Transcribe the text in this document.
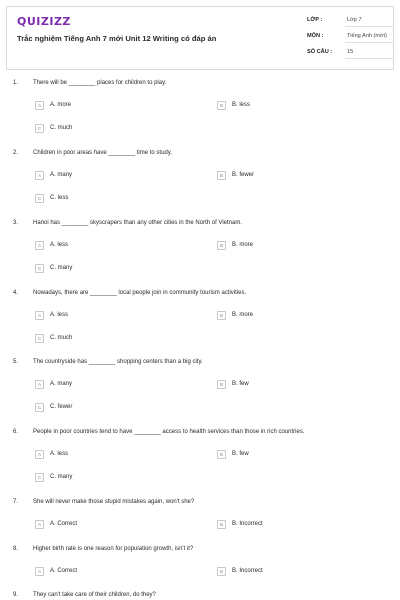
QUIZIZZ
Trắc nghiệm Tiếng Anh 7 mới Unit 12 Writing có đáp án
LỚP :	Lớp 7
MÔN :	Tiếng Anh (mới)
SỐ CÂU :	15
1. There will be ________ places for children to play.
A	A. more	B	B. less
C	C. much
2. Children in poor areas have ________ time to study.
A	A. many	B	B. fewer
C	C. less
3. Hanoi has ________ skyscrapers than any other cities in the North of Vietnam.
A	A. less	B	B. more
C	C. many
4. Nowadays, there are ________ local people join in community tourism activities.
A	A. less	B	B. more
C	C. much
5. The countryside has ________ shopping centers than a big city.
A	A. many	B	B. few
C	C. fewer
6. People in poor countries tend to have ________ access to health services than those in rich countries.
A	A. less	B	B. few
C	C. many
7. She will never make those stupid mistakes again, won't she?
A	A. Correct	B	B. Incorrect
8. Higher birth rate is one reason for population growth, isn't it?
A	A. Correct	B	B. Incorrect
9. They can't take care of their children, do they?
